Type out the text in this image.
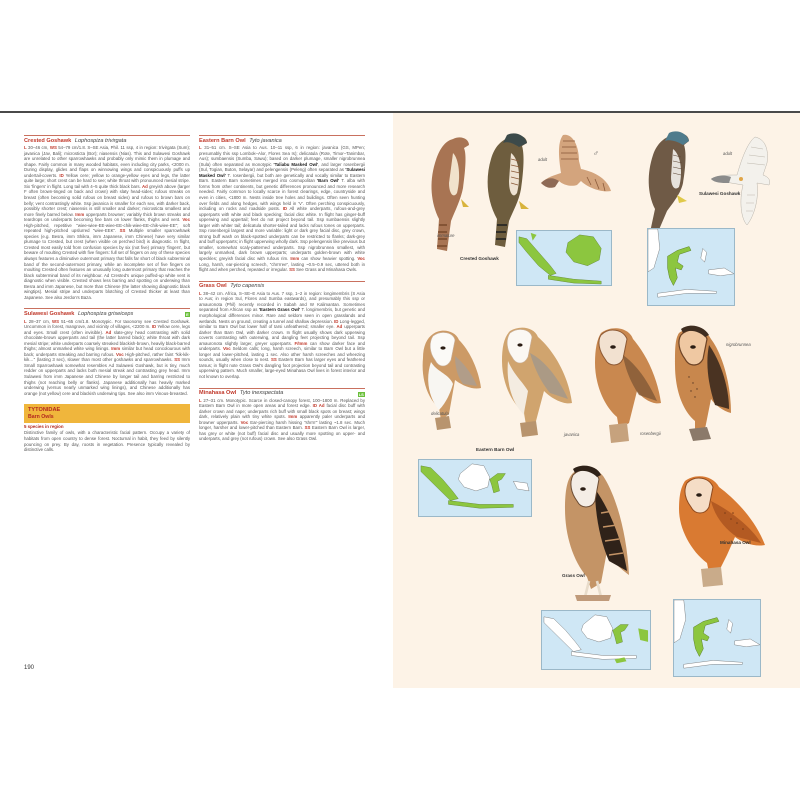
Crested Goshawk Lophospiza trivirgata
L 30–46 cm, WS 54–79 cm/1.8. S–SE Asia, Phil. 11 ssp, 4 in region: trivirgata (Sum); javanica (Jav, Bali); microsticta (Bor); niasensis (Nias). This and Sulawesi Goshawk are unrelated to other sparrowhawks and probably only mimic them in plumage and shape. Fairly common in many wooded habitats, even including city parks, <2000 m. During display, glides and flaps on winnowing wings and conspicuously puffs up undertail-coverts. ID Yellow cere; yellow to orange-yellow eyes and legs, the latter quite large; short crest can be hard to see; white throat with pronounced mesial stripe. Six 'fingers' in flight. Long tail with 4–5 quite thick black bars. Ad greyish above (larger F often brown-tinged on back and crown) with slaty head-sides; rufous streaks on breast (often becoming solid rufous on breast sides) and rufous to brown bars on belly; vent contrastingly white. Ssp javanica is smaller for each sex, with darker back, possibly shorter crest; niasensis is still smaller and darker; microsticta smallest and more finely barred below. Imm upperparts browner; variably thick brown streaks and teardrops on underparts becoming fine bars on lower flanks, thighs and vent. Voc High-pitched, repetitive "wiee-wiee-EE-wiee-EE-chik-wiee-EE-chik-wiee-EE"; soft repeated high-pitched upslurred "wiee-EEK". SS Multiple smaller sparrowhawk species (e.g. Besra, imm Shikra, imm Japanese, imm Chinese) have very similar plumage to Crested, but crest (when visible on perched bird) is diagnostic. In flight, Crested most easily told from confusion species by six (not five) primary 'fingers', but beware of moulting Crested with five fingers: full set of fingers on any of these species always features a diminutive outermost primary that falls far short of black subterminal band of the second-outermost primary, while an incomplete set of five fingers on moulting Crested often features an unusually long outermost primary that reaches the black subterminal band of its neighbour. Ad Crested's unique puffed-up white vent is diagnostic when visible. Crested shows less barring and spotting on underwing than Besra and imm Japanese, but more than Chinese (the latter showing diagnostic black wingtips). Mesial stripe and underparts blotching of Crested thicker at least than Japanese. See also Jerdon's Baza.
Sulawesi Goshawk Lophospiza griseiceps	E
L 28–37 cm, WS 51–65 cm/1.8. Monotypic. For taxonomy see Crested Goshawk. Uncommon in forest, mangrove, and vicinity of villages, <2200 m. ID Yellow cere, legs and eyes. Small crest (often invisible). Ad slate-grey head contrasting with solid chocolate-brown upperparts and tail (the latter barred black); white throat with dark mesial stripe; white underparts coarsely streaked blackish-brown, heavily black-barred thighs; almost unmarked white wing linings. Imm similar but head concolourous with back; underparts streaking and barring rufous. Voc High-pitched, rather faint "kik-kik-kik…" (lasting 3 sec), slower than most other goshawks and sparrowhawks. SS Imm Small Sparrowhawk somewhat resembles Ad Sulawesi Goshawk, but is tiny, much redder on upperparts and lacks both mesial streak and contrasting grey head. Imm Sulawesi from imm Japanese and Chinese by longer tail and barring restricted to thighs (not reaching belly or flanks). Japanese additionally has heavily marked underwing (versus nearly unmarked wing linings), and Chinese additionally has orange (not yellow) cere and blackish underwing tips. See also imm Vinous-breasted.
TYTONIDAE
Barn Owls
5 species in region
Distinctive family of owls, with a characteristic facial pattern. Occupy a variety of habitats from open country to dense forest. Nocturnal in habit, they feed by silently pouncing on prey. By day, roosts in vegetation. Presence typically revealed by distinctive calls.
Eastern Barn Owl Tyto javanica
L 31–51 cm. S–SE Asia to Aus. 10–11 ssp, 6 in region: javanica (GS, MPen; presumably this ssp Lombok–Alor, Flores Sea Is); delicatula (Rote, Timor–Tanimbar, Aus); sumbaensis (Sumba, Sawu); based on darker plumage, smaller nigrobrunnea (Sula) often separated as monotypic 'Taliabu Masked Owl', and larger rosenbergii (Sul, Togian, Buton, Selayar) and pelengensis (Peleng) often separated as 'Sulawesi Masked Owl' T. rosenbergii, but both are genetically and vocally similar to Eastern Barn. Eastern Barn sometimes merged into cosmopolitan 'Barn Owl' T. alba with forms from other continents, but genetic differences pronounced and more research needed. Fairly common to locally scarce in forest clearings, edge, countryside and even in cities, <1800 m. Nests inside tree holes and buildings. Often seen hunting over fields and along hedges, with wings held in 'V'. Often perching conspicuously, including on rocks and roadside posts. ID All white underparts, rufous-and-grey upperparts with white and black specking; facial disc white. In flight has ginger-buff upperwing and uppertail; feet do not project beyond tail. Ssp sumbaensis slightly larger with whiter tail; delicatula shorter-tailed and lacks rufous tones on upperparts. Ssp rosenbergii largest and more variable: light or dark grey facial disc, grey crown, strong buff wash on black-spotted underparts can be restricted to flanks; dark-grey and buff upperparts; in flight upperwing wholly dark. Ssp pelengensis like previous but smaller, somewhat scaly-patterned underparts. Ssp nigrobrunnea smallest, with largely unmarked, dark brown upperparts; underparts golden-brown with white speckles; greyish facial disc with rufous rim. Imm can show heavier spotting. Voc Long, harsh, ear-piercing screech, "chrrrree", lasting ~0.5–0.9 sec, uttered both in flight and when perched, repeated or irregular. SS See Grass and Minahasa Owls.
Grass Owl Tyto capensis
L 38–42 cm. Africa, S–SE–E Asia to Aus. 7 ssp, 1–2 in region: longimembris (S Asia to Aus; in region Sul, Flores and Sumba eastwards), and presumably this ssp or amauronota (Phil) recently recorded in Sabah and W Kalimantan. Sometimes separated from African ssp as 'Eastern Grass Owl' T. longimembris, but genetic and morphological differences minor. Rare and seldom seen in open grasslands and wetlands. Nests on ground, creating a tunnel and shallow depression. ID Long-legged, similar to Barn Owl but lower half of tarsi unfeathered; smaller eye. Ad upperparts darker than Barn Owl, with darker crown. In flight usually shows dark upperwing coverts contrasting with outerwing, and dangling feet projecting beyond tail. Ssp amauronota slightly larger, greyer upperparts. F/Imm can show darker face and underparts. Voc Seldom calls; long, harsh screech, similar to Barn Owl but a little longer and lower-pitched, lasting 1 sec. Also other harsh screeches and wheezing sounds, usually when close to nest. SS Eastern Barn has larger eyes and feathered tarsus; in flight note Grass Owl's dangling foot projection beyond tail and contrasting upperwing pattern. Much smaller, large-eyed Minahasa Owl lives in forest interior and not known to overlap.
Minahasa Owl Tyto inexspectata	LS
L 27–31 cm. Monotypic. Scarce in closed-canopy forest, 100–1800 m. Replaced by Eastern Barn Owl in more open areas and forest edge. ID Ad facial disc buff with darker crown and nape; underparts rich buff with small black spots on breast; wings dark, relatively plain with tiny white spots. Imm apparently paler underparts and browner upperparts. Voc Ear-piercing harsh hissing "shrrrr" lasting ~1.8 sec. Much longer, harsher and lower-pitched than Eastern Barn. SS Eastern Barn Owl is larger, has grey or white (not buff) facial disc and usually more spotting on upper- and underparts, and grey (not rufous) crown. See also Grass Owl.
190
immature
adult
♂
Sulawesi Goshawk
adult
Crested Goshawk
delicatula
javanica	rosenbergii
nigrobrunnea
Eastern Barn Owl
Grass Owl
Minahasa Owl
